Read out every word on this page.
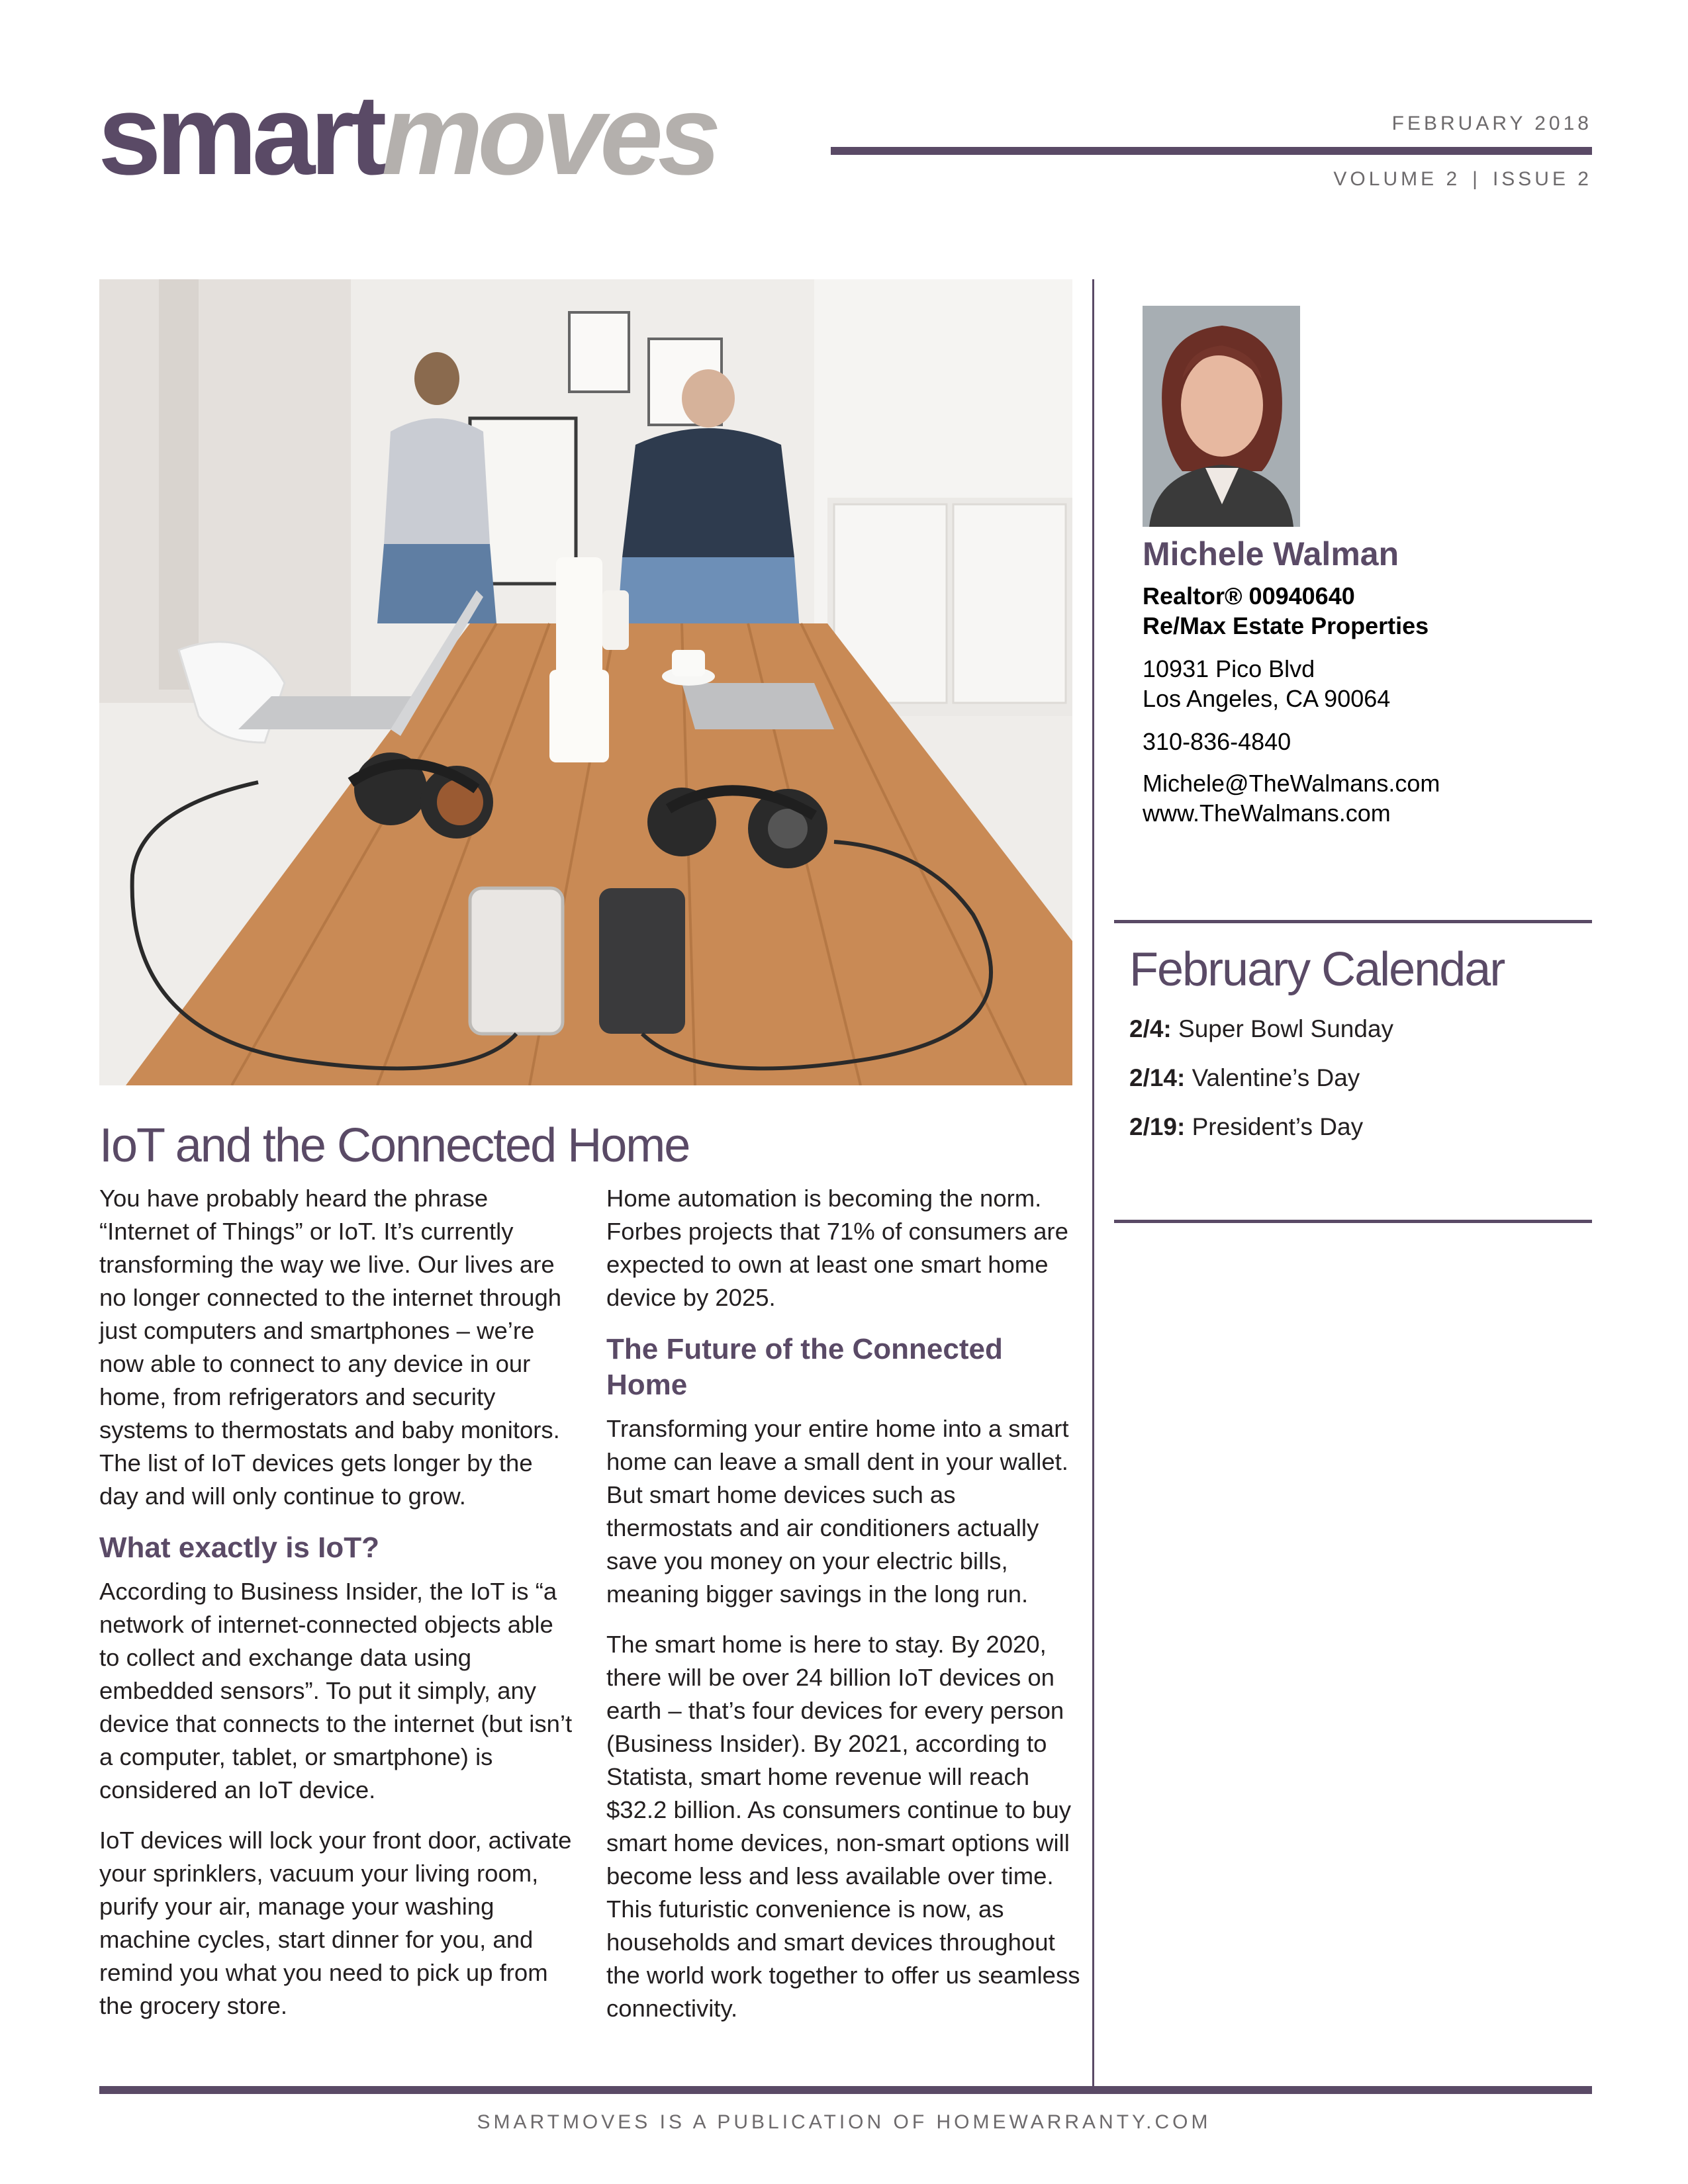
smartmoves	FEBRUARY 2018
VOLUME 2 | ISSUE 2
Michele Walman
Realtor® 00940640
Re/Max Estate Properties
10931 Pico Blvd
Los Angeles, CA 90064
310-836-4840
Michele@TheWalmans.com
www.TheWalmans.com
February Calendar
2/4: Super Bowl Sunday
2/14: Valentine’s Day
2/19: President’s Day
IoT and the Connected Home

You have probably heard the phrase “Internet of Things” or IoT. It’s currently transforming the way we live. Our lives are no longer connected to the internet through just computers and smartphones – we’re now able to connect to any device in our home, from refrigerators and security systems to thermostats and baby monitors. The list of IoT devices gets longer by the day and will only continue to grow.

What exactly is IoT?

According to Business Insider, the IoT is “a network of internet-connected objects able to collect and exchange data using embedded sensors”. To put it simply, any device that connects to the internet (but isn’t a computer, tablet, or smartphone) is considered an IoT device.

IoT devices will lock your front door, activate your sprinklers, vacuum your living room, purify your air, manage your washing machine cycles, start dinner for you, and remind you what you need to pick up from the grocery store.

Home automation is becoming the norm. Forbes projects that 71% of consumers are expected to own at least one smart home device by 2025.

The Future of the Connected Home

Transforming your entire home into a smart home can leave a small dent in your wallet. But smart home devices such as thermostats and air conditioners actually save you money on your electric bills, meaning bigger savings in the long run.

The smart home is here to stay. By 2020, there will be over 24 billion IoT devices on earth – that’s four devices for every person (Business Insider). By 2021, according to Statista, smart home revenue will reach $32.2 billion. As consumers continue to buy smart home devices, non-smart options will become less and less available over time. This futuristic convenience is now, as households and smart devices throughout the world work together to offer us seamless connectivity.

SMARTMOVES IS A PUBLICATION OF HOMEWARRANTY.COM
